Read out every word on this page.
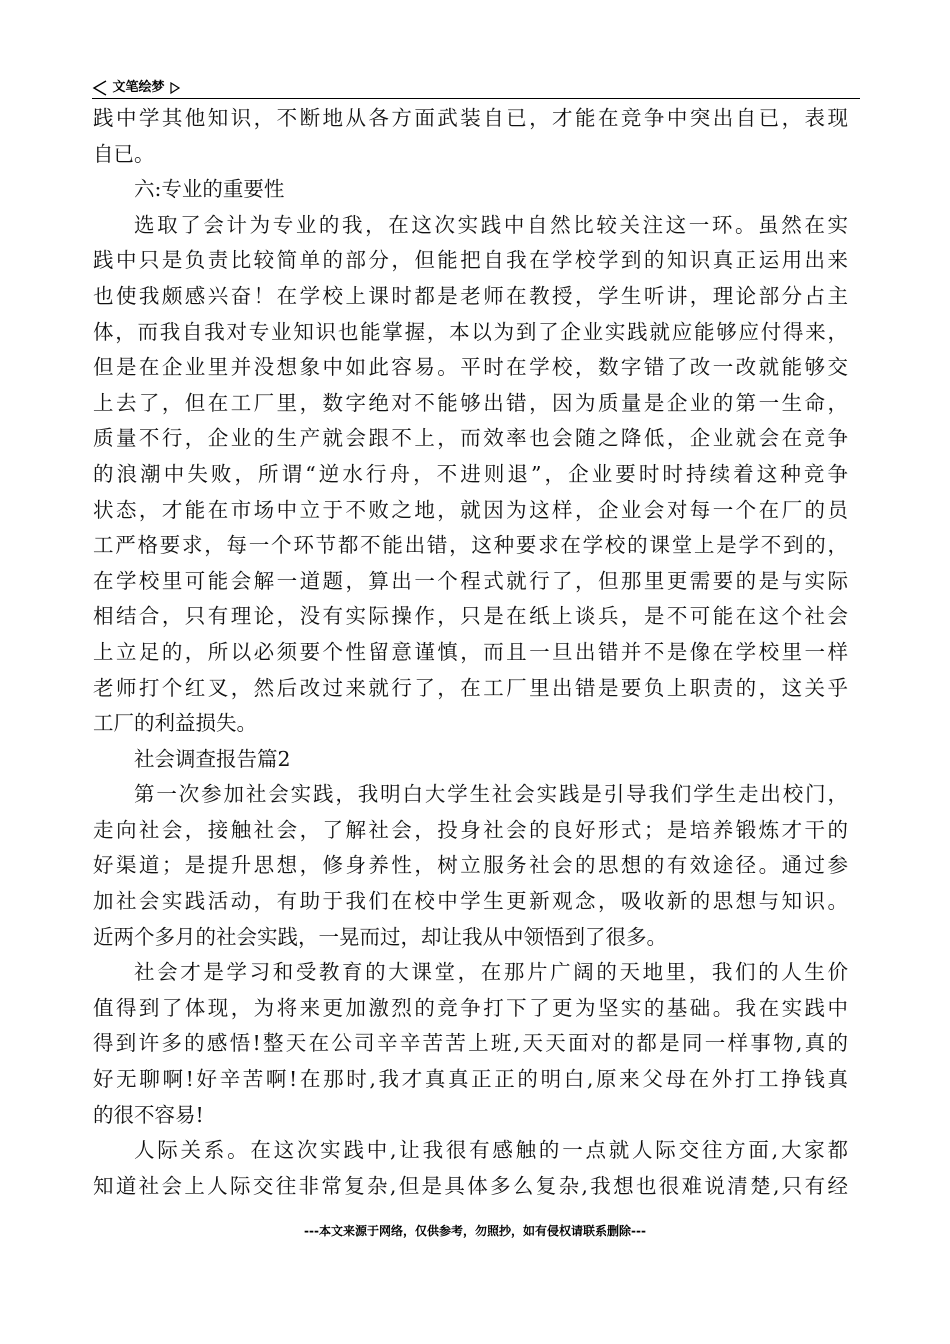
文笔绘梦
践中学其他知识，不断地从各方面武装自已，才能在竞争中突出自已，表现
自已。
六:专业的重要性
选取了会计为专业的我，在这次实践中自然比较关注这一环。虽然在实
践中只是负责比较简单的部分，但能把自我在学校学到的知识真正运用出来
也使我颇感兴奋！在学校上课时都是老师在教授，学生听讲，理论部分占主
体，而我自我对专业知识也能掌握，本以为到了企业实践就应能够应付得来，
但是在企业里并没想象中如此容易。平时在学校，数字错了改一改就能够交
上去了，但在工厂里，数字绝对不能够出错，因为质量是企业的第一生命，
质量不行，企业的生产就会跟不上，而效率也会随之降低，企业就会在竞争
的浪潮中失败，所谓“逆水行舟，不进则退”，企业要时时持续着这种竞争
状态，才能在市场中立于不败之地，就因为这样，企业会对每一个在厂的员
工严格要求，每一个环节都不能出错，这种要求在学校的课堂上是学不到的，
在学校里可能会解一道题，算出一个程式就行了，但那里更需要的是与实际
相结合，只有理论，没有实际操作，只是在纸上谈兵，是不可能在这个社会
上立足的，所以必须要个性留意谨慎，而且一旦出错并不是像在学校里一样
老师打个红叉，然后改过来就行了，在工厂里出错是要负上职责的，这关乎
工厂的利益损失。
社会调查报告篇2
第一次参加社会实践，我明白大学生社会实践是引导我们学生走出校门，
走向社会，接触社会，了解社会，投身社会的良好形式；是培养锻炼才干的
好渠道；是提升思想，修身养性，树立服务社会的思想的有效途径。通过参
加社会实践活动，有助于我们在校中学生更新观念，吸收新的思想与知识。
近两个多月的社会实践，一晃而过，却让我从中领悟到了很多。
社会才是学习和受教育的大课堂，在那片广阔的天地里，我们的人生价
值得到了体现，为将来更加激烈的竞争打下了更为坚实的基础。我在实践中
得到许多的感悟!整天在公司辛辛苦苦上班,天天面对的都是同一样事物,真的
好无聊啊!好辛苦啊!在那时,我才真真正正的明白,原来父母在外打工挣钱真
的很不容易!
人际关系。在这次实践中,让我很有感触的一点就人际交往方面,大家都
知道社会上人际交往非常复杂,但是具体多么复杂,我想也很难说清楚,只有经
---本文来源于网络，仅供参考，勿照抄，如有侵权请联系删除---
